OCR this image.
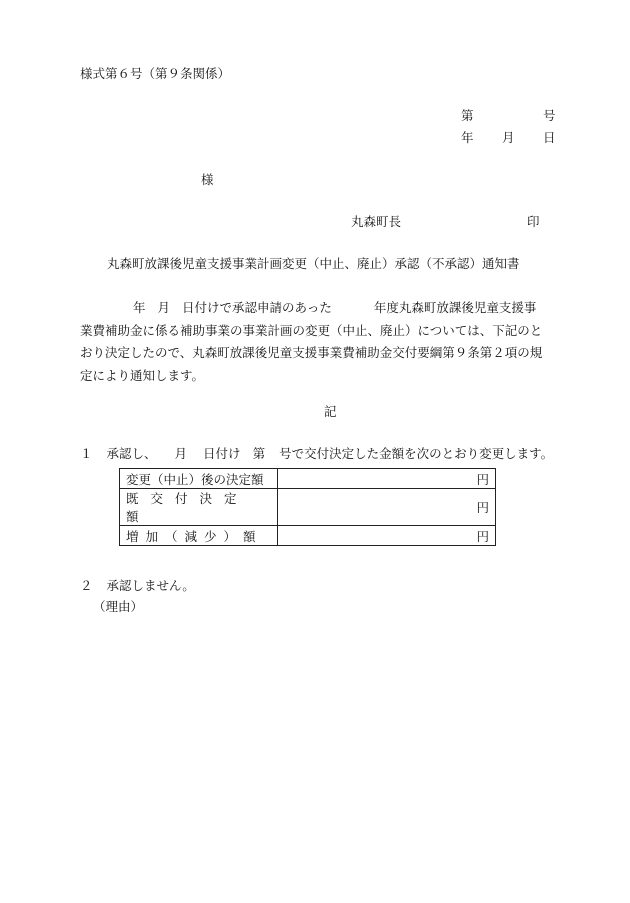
様式第６号（第９条関係）
第	号
年 月 日
様
丸森町長	印
丸森町放課後児童支援事業計画変更（中止、廃止）承認（不承認）通知書
年 月 日付けで承認申請のあった	年度丸森町放課後児童支援事
業費補助金に係る補助事業の事業計画の変更（中止、廃止）については、下記のと
おり決定したので、丸森町放課後児童支援事業費補助金交付要綱第９条第２項の規
定により通知します。
記
１ 承認し、 月 日付け 第 号で交付決定した金額を次のとおり変更します。
変更（中止）後の決定額	円
既交付決定額	円
増加（減少）額	円
２ 承認しません。
（理由）
